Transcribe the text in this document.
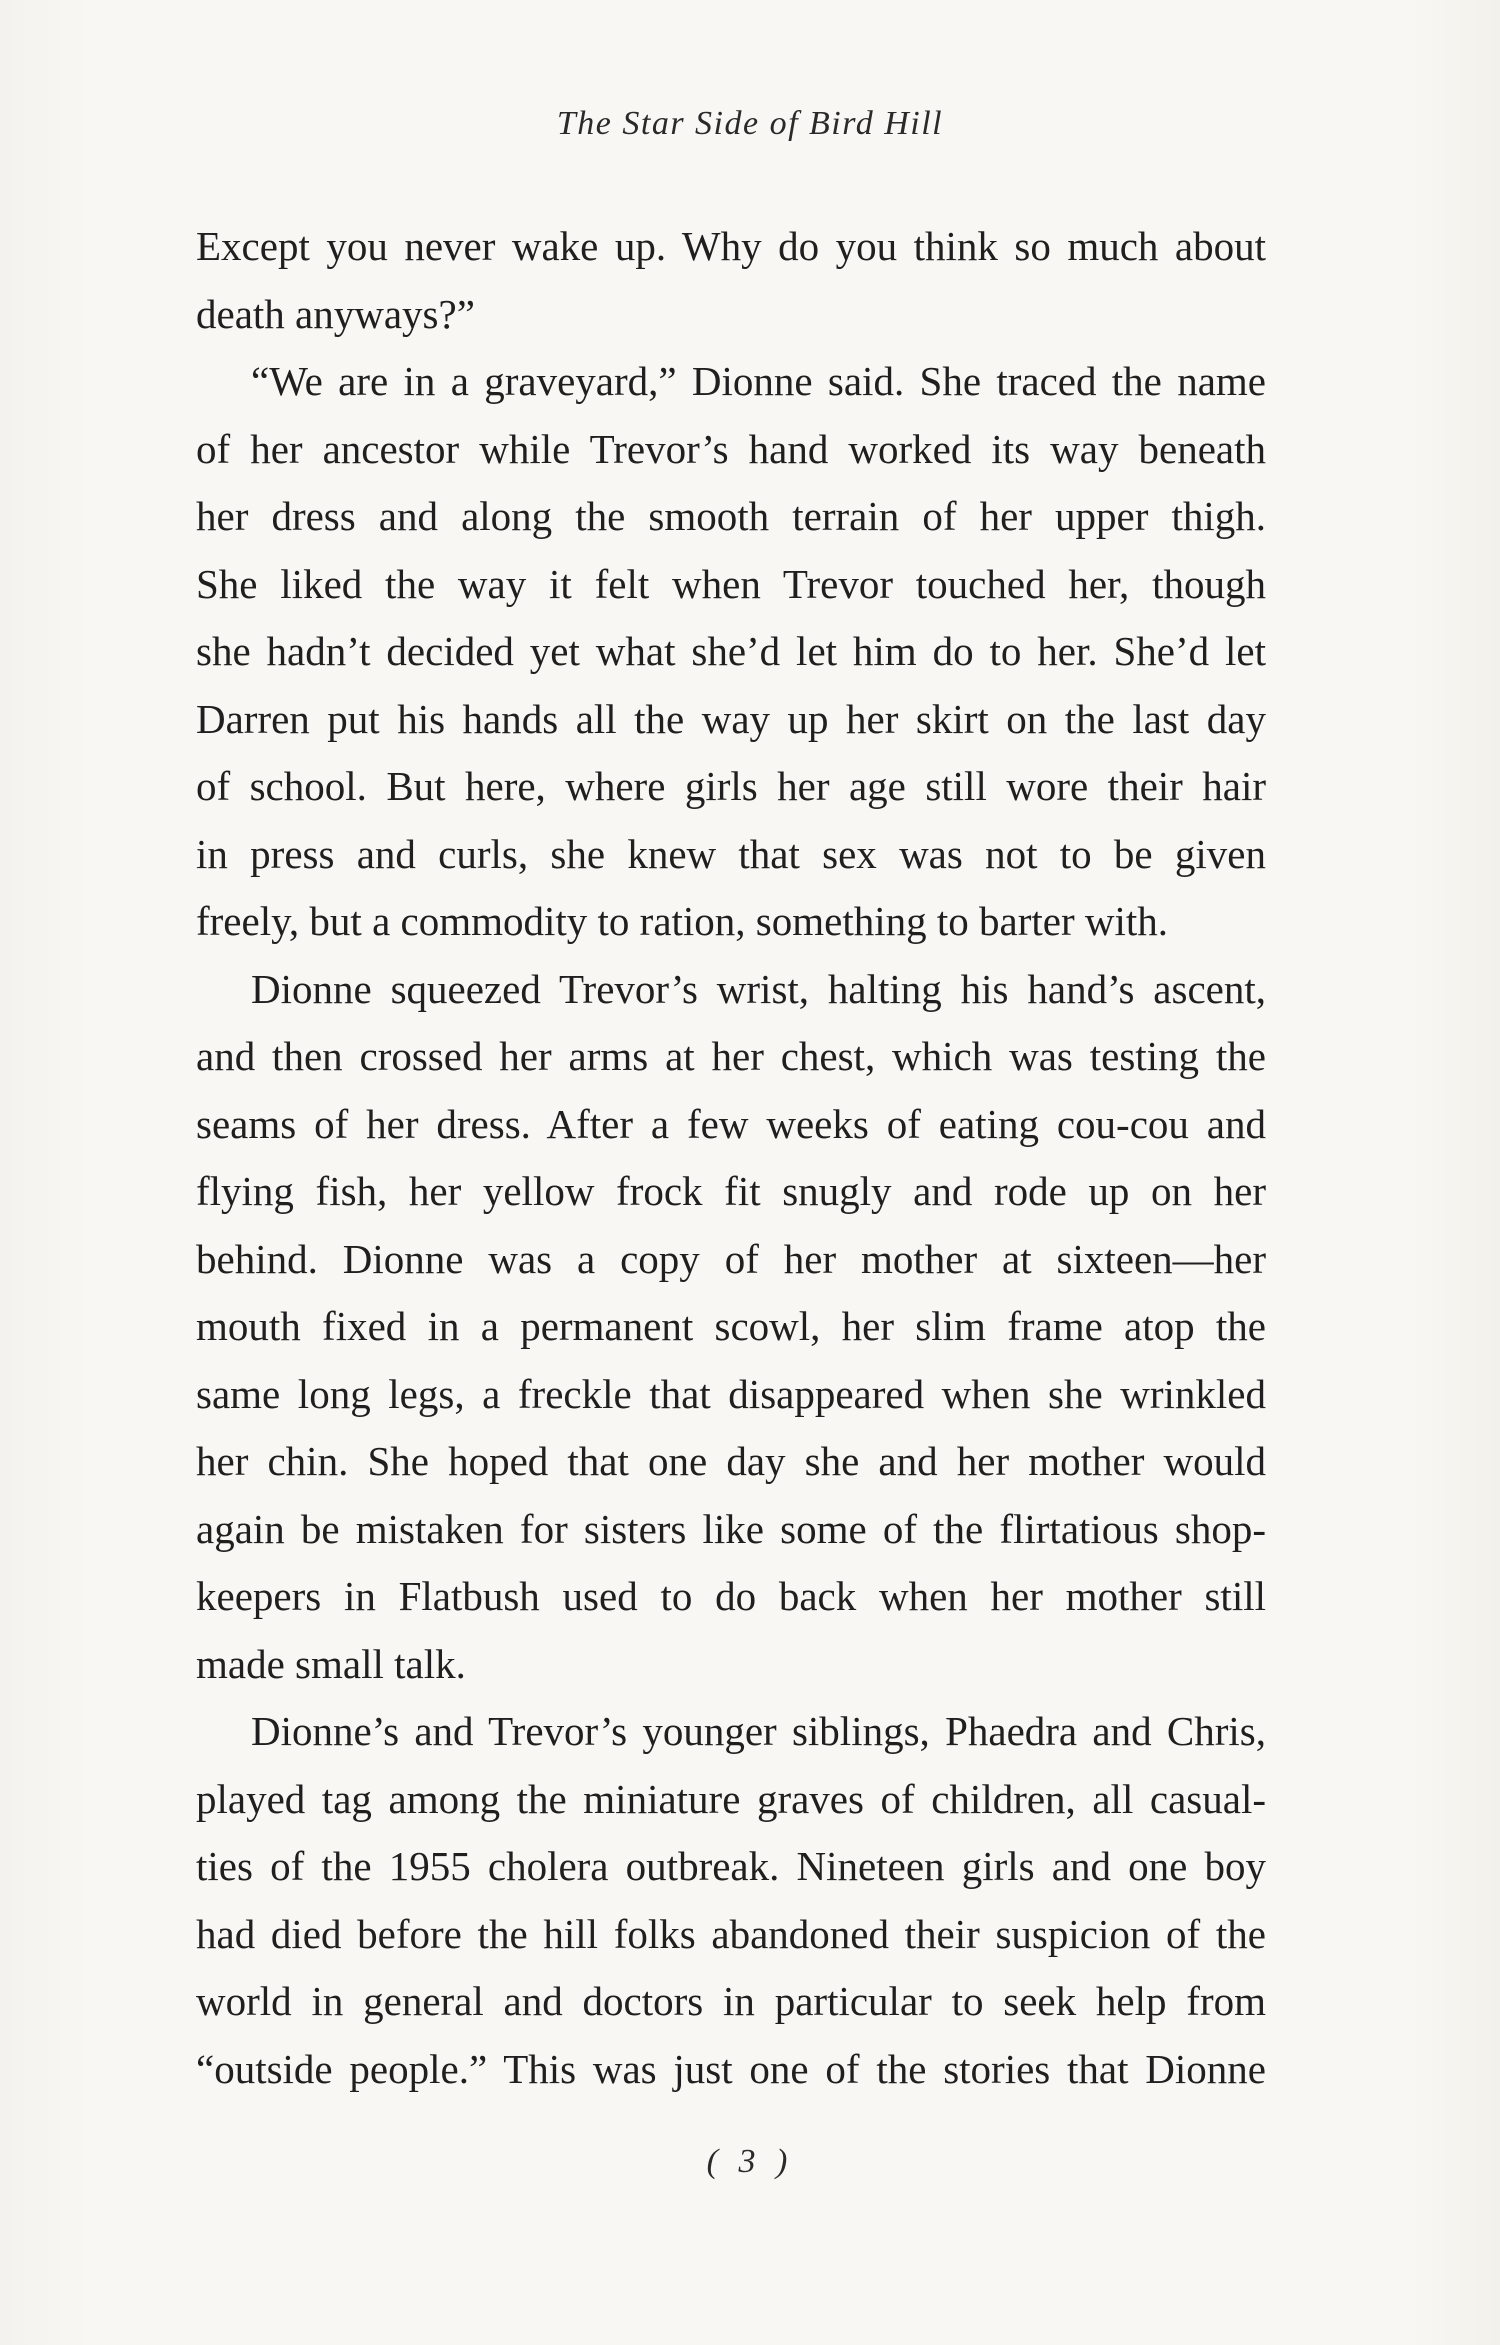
The Star Side of Bird Hill
Except you never wake up. Why do you think so much about
death anyways?”
“We are in a graveyard,” Dionne said. She traced the name
of her ancestor while Trevor’s hand worked its way beneath
her dress and along the smooth terrain of her upper thigh.
She liked the way it felt when Trevor touched her, though
she hadn’t decided yet what she’d let him do to her. She’d let
Darren put his hands all the way up her skirt on the last day
of school. But here, where girls her age still wore their hair
in press and curls, she knew that sex was not to be given
freely, but a commodity to ration, something to barter with.
Dionne squeezed Trevor’s wrist, halting his hand’s ascent,
and then crossed her arms at her chest, which was testing the
seams of her dress. After a few weeks of eating cou-cou and
flying fish, her yellow frock fit snugly and rode up on her
behind. Dionne was a copy of her mother at sixteen—her
mouth fixed in a permanent scowl, her slim frame atop the
same long legs, a freckle that disappeared when she wrinkled
her chin. She hoped that one day she and her mother would
again be mistaken for sisters like some of the flirtatious shop-
keepers in Flatbush used to do back when her mother still
made small talk.
Dionne’s and Trevor’s younger siblings, Phaedra and Chris,
played tag among the miniature graves of children, all casual-
ties of the 1955 cholera outbreak. Nineteen girls and one boy
had died before the hill folks abandoned their suspicion of the
world in general and doctors in particular to seek help from
“outside people.” This was just one of the stories that Dionne
( 3 )
